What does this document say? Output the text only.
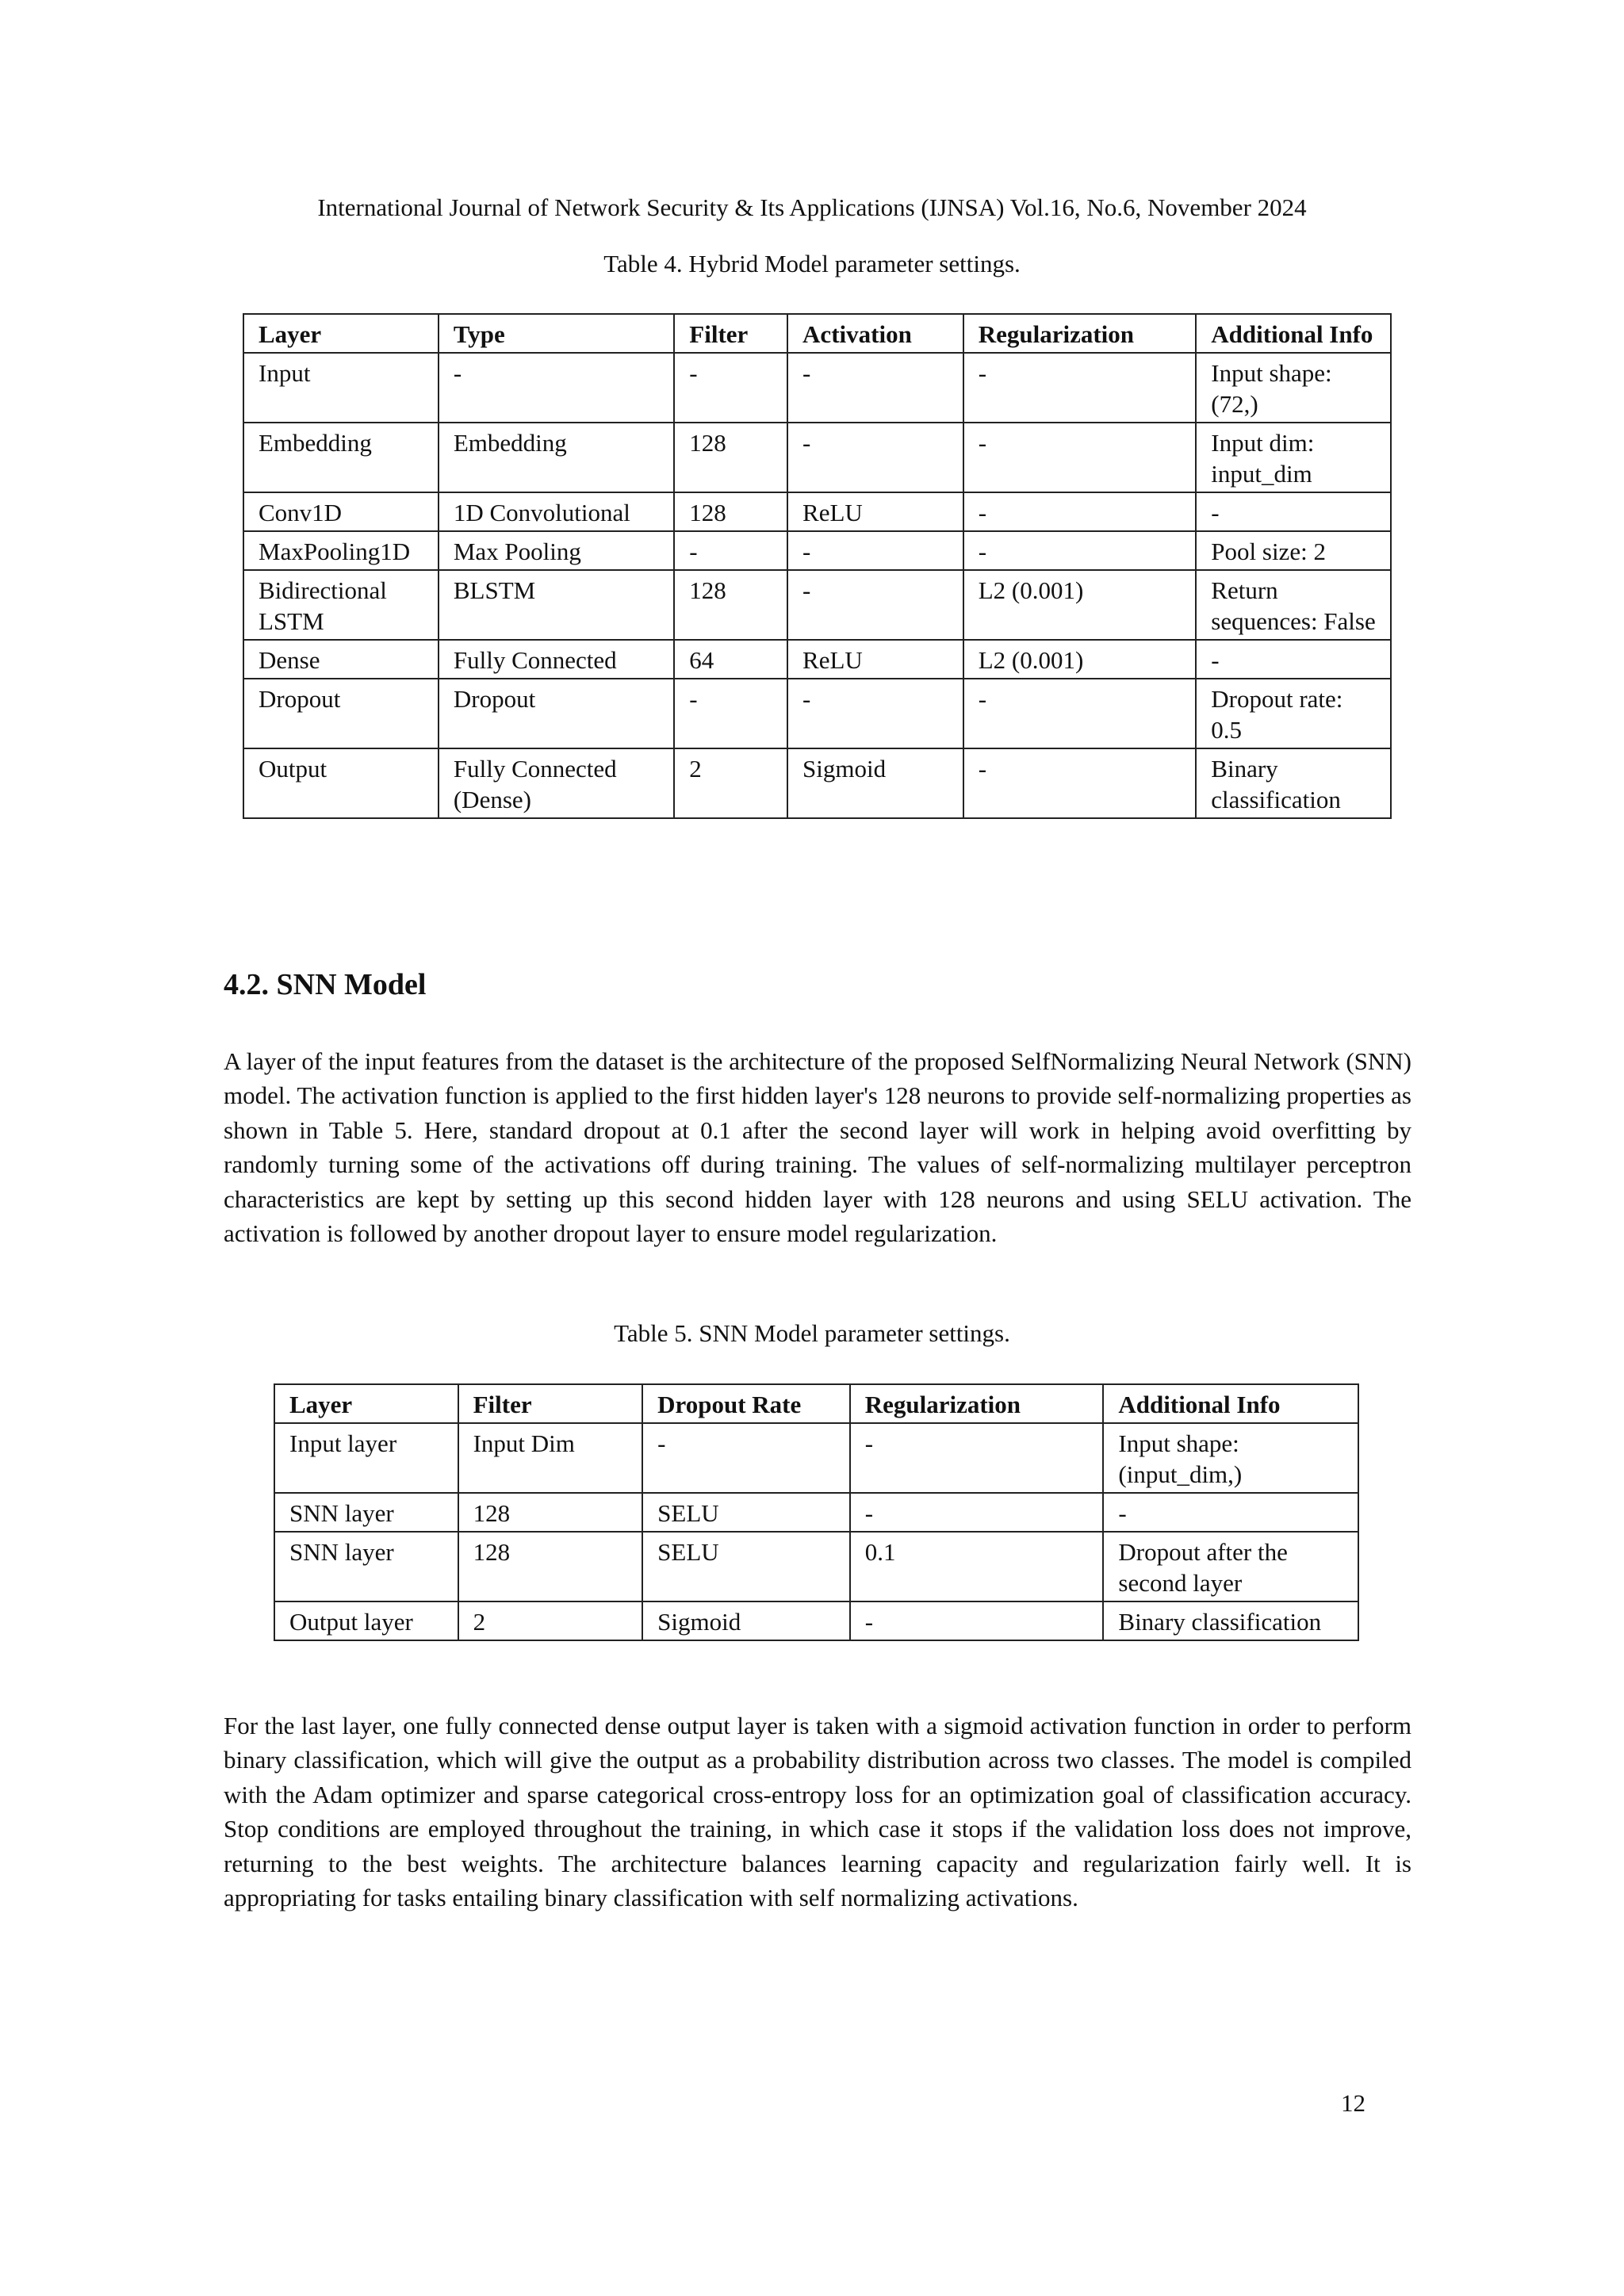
International Journal of Network Security & Its Applications (IJNSA) Vol.16, No.6, November 2024
Table 4. Hybrid Model parameter settings.
Layer	Type	Filter	Activation	Regularization	Additional Info
Input	-	-	-	-	Input shape: (72,)
Embedding	Embedding	128	-	-	Input dim: input_dim
Conv1D	1D Convolutional	128	ReLU	-	-
MaxPooling1D	Max Pooling	-	-	-	Pool size: 2
Bidirectional LSTM	BLSTM	128	-	L2 (0.001)	Return sequences: False
Dense	Fully Connected	64	ReLU	L2 (0.001)	-
Dropout	Dropout	-	-	-	Dropout rate: 0.5
Output	Fully Connected (Dense)	2	Sigmoid	-	Binary classification
4.2. SNN Model

A layer of the input features from the dataset is the architecture of the proposed SelfNormalizing Neural Network (SNN) model. The activation function is applied to the first hidden layer's 128 neurons to provide self-normalizing properties as shown in Table 5. Here, standard dropout at 0.1 after the second layer will work in helping avoid overfitting by randomly turning some of the activations off during training. The values of self-normalizing multilayer perceptron characteristics are kept by setting up this second hidden layer with 128 neurons and using SELU activation. The activation is followed by another dropout layer to ensure model regularization.

Table 5. SNN Model parameter settings.
Layer	Filter	Dropout Rate	Regularization	Additional Info
Input layer	Input Dim	-	-	Input shape: (input_dim,)
SNN layer	128	SELU	-	-
SNN layer	128	SELU	0.1	Dropout after the second layer
Output layer	2	Sigmoid	-	Binary classification

For the last layer, one fully connected dense output layer is taken with a sigmoid activation function in order to perform binary classification, which will give the output as a probability distribution across two classes. The model is compiled with the Adam optimizer and sparse categorical cross-entropy loss for an optimization goal of classification accuracy. Stop conditions are employed throughout the training, in which case it stops if the validation loss does not improve, returning to the best weights. The architecture balances learning capacity and regularization fairly well. It is appropriating for tasks entailing binary classification with self normalizing activations.

12
